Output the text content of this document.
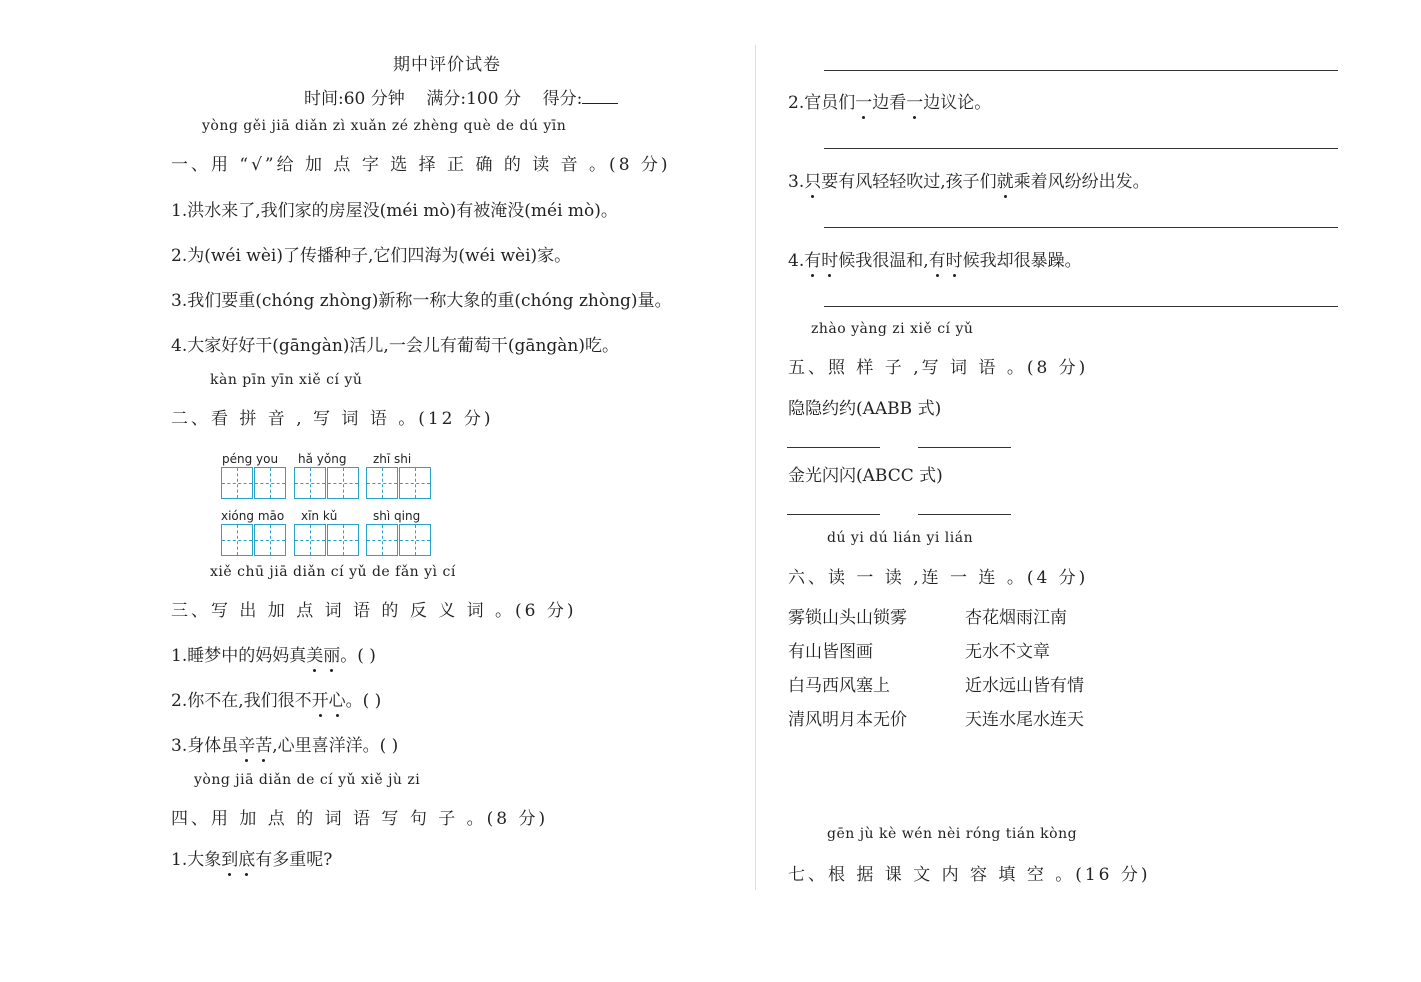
期中评价试卷
时间:60 分钟 满分:100 分 得分:
yòng gěi jiā diǎn zì xuǎn zé zhèng què de dú yīn
一、用 “√”给 加 点 字 选 择 正 确 的 读 音 。(8 分)
1.洪水来了,我们家的房屋没(méi mò)有被淹没(méi mò)。
2.为(wéi wèi)了传播种子,它们四海为(wéi wèi)家。
3.我们要重(chóng zhòng)新称一称大象的重(chóng zhòng)量。
4.大家好好干(gāngàn)活儿,一会儿有葡萄干(gāngàn)吃。
kàn pīn yīn xiě cí yǔ
二、看 拼 音 , 写 词 语 。(12 分)
péng you hǎ yǒng zhī shi
xióng māo xīn kǔ	shì qing
xiě chū jiā diǎn cí yǔ de fǎn yì cí
三、写 出 加 点 词 语 的 反 义 词 。(6 分)
1.睡梦中的妈妈真美丽。( )
2.你不在,我们很不开心。( )
3.身体虽辛苦,心里喜洋洋。( )
yòng jiā diǎn de cí yǔ xiě jù zi
四、用 加 点 的 词 语 写 句 子 。(8 分)
1.大象到底有多重呢?
2.官员们一边看一边议论。
3.只要有风轻轻吹过,孩子们就乘着风纷纷出发。
4.有时候我很温和,有时候我却很暴躁。
zhào yàng zi xiě cí yǔ
五、照 样 子 ,写 词 语 。(8 分)
隐隐约约(AABB 式)
金光闪闪(ABCC 式)
dú yi dú lián yi lián
六、读 一 读 ,连 一 连 。(4 分)
雾锁山头山锁雾
有山皆图画
白马西风塞上
清风明月本无价
杏花烟雨江南
无水不文章
近水远山皆有情
天连水尾水连天
gēn jù kè wén nèi róng tián kòng
七、根 据 课 文 内 容 填 空 。(16 分)
